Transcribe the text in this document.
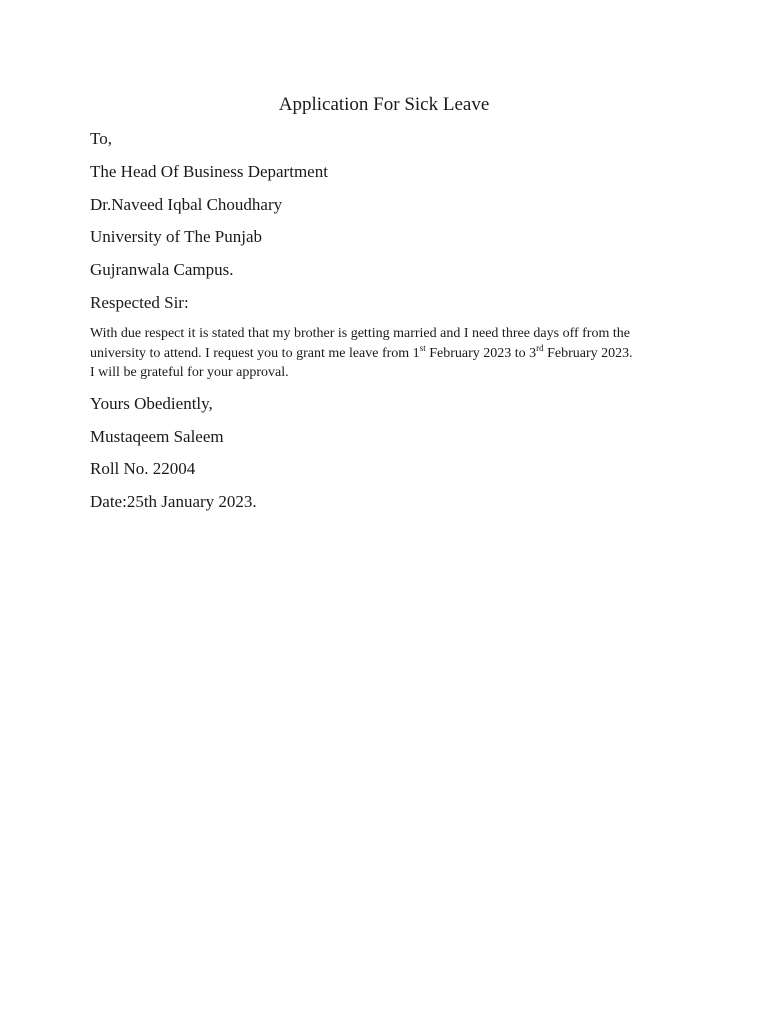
Application For Sick Leave
To,
The Head Of Business Department
Dr.Naveed Iqbal Choudhary
University of The Punjab
Gujranwala Campus.
Respected Sir:
With due respect it is stated that my brother is getting married and I need three days off from the
university to attend. I request you to grant me leave from 1st February 2023 to 3rd February 2023.
I will be grateful for your approval.
Yours Obediently,
Mustaqeem Saleem
Roll No. 22004
Date:25th January 2023.
